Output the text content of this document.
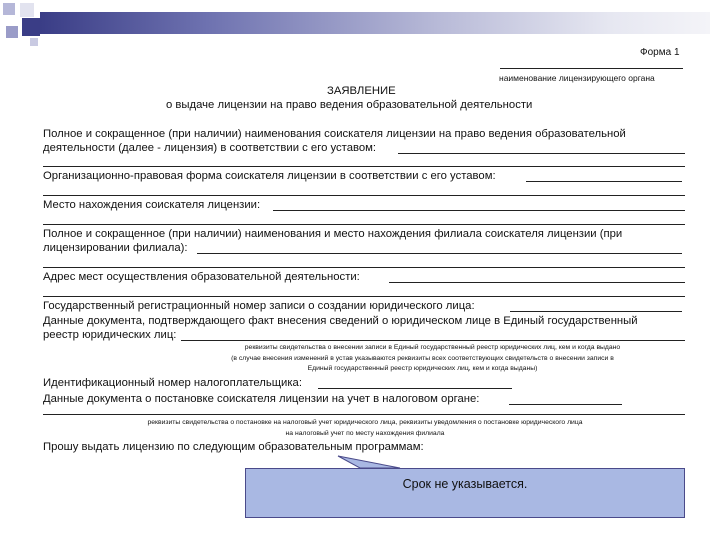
Форма 1
наименование лицензирующего органа
ЗАЯВЛЕНИЕ
о выдаче лицензии на право ведения образовательной деятельности
Полное и сокращенное (при наличии) наименования соискателя лицензии на право ведения образовательной
деятельности (далее - лицензия) в соответствии с его уставом:
Организационно-правовая форма соискателя лицензии в соответствии с его уставом:
Место нахождения соискателя лицензии:
Полное и сокращенное (при наличии) наименования и место нахождения филиала соискателя лицензии (при
лицензировании филиала):
Адрес мест осуществления образовательной деятельности:
Государственный регистрационный номер записи о создании юридического лица:
Данные документа, подтверждающего факт внесения сведений о юридическом лице в Единый государственный
реестр юридических лиц:
реквизиты свидетельства о внесении записи в Единый государственный реестр юридических лиц, кем и когда выдано
(в случае внесения изменений в устав указываются реквизиты всех соответствующих свидетельств о внесении записи в
Единый государственный реестр юридических лиц, кем и когда выданы)
Идентификационный номер налогоплательщика:
Данные документа о постановке соискателя лицензии на учет в налоговом органе:
реквизиты свидетельства о постановке на налоговый учет юридического лица, реквизиты уведомления о постановке юридического лица
на налоговый учет по месту нахождения филиала
Прошу выдать лицензию по следующим образовательным программам:
Срок не указывается.
